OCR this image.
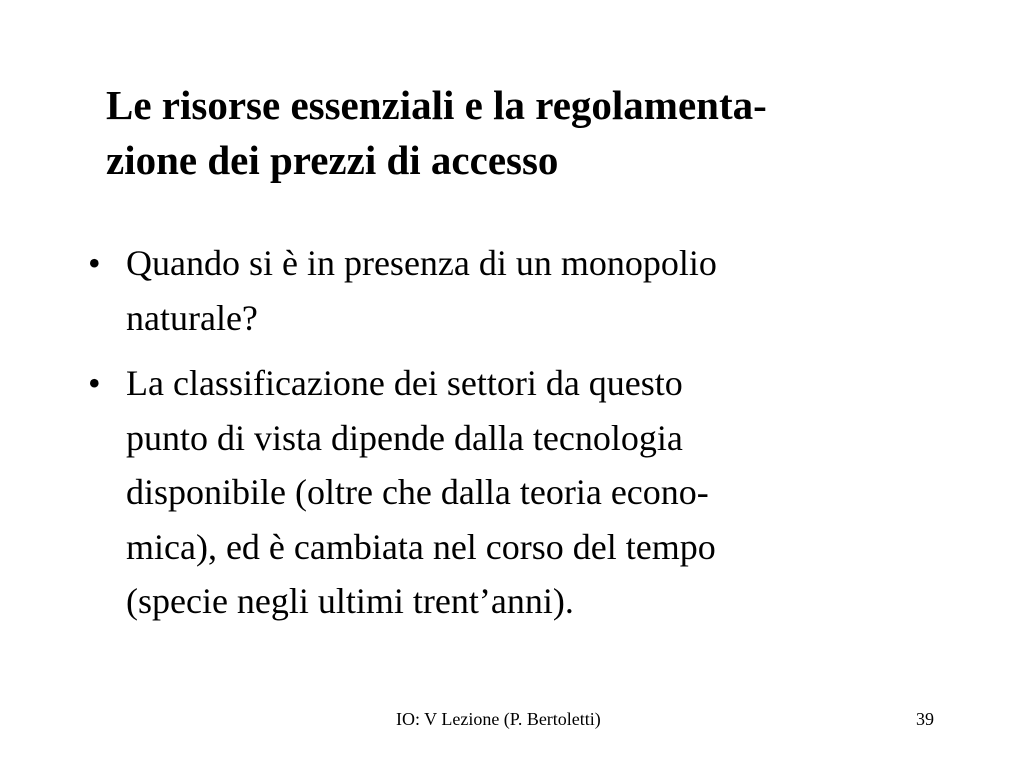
Le risorse essenziali e la regolamenta-
zione dei prezzi di accesso
• Quando si è in presenza di un monopolio
naturale?
• La classificazione dei settori da questo
punto di vista dipende dalla tecnologia
disponibile (oltre che dalla teoria econo-
mica), ed è cambiata nel corso del tempo
(specie negli ultimi trent’anni).
IO: V Lezione (P. Bertoletti)	39
